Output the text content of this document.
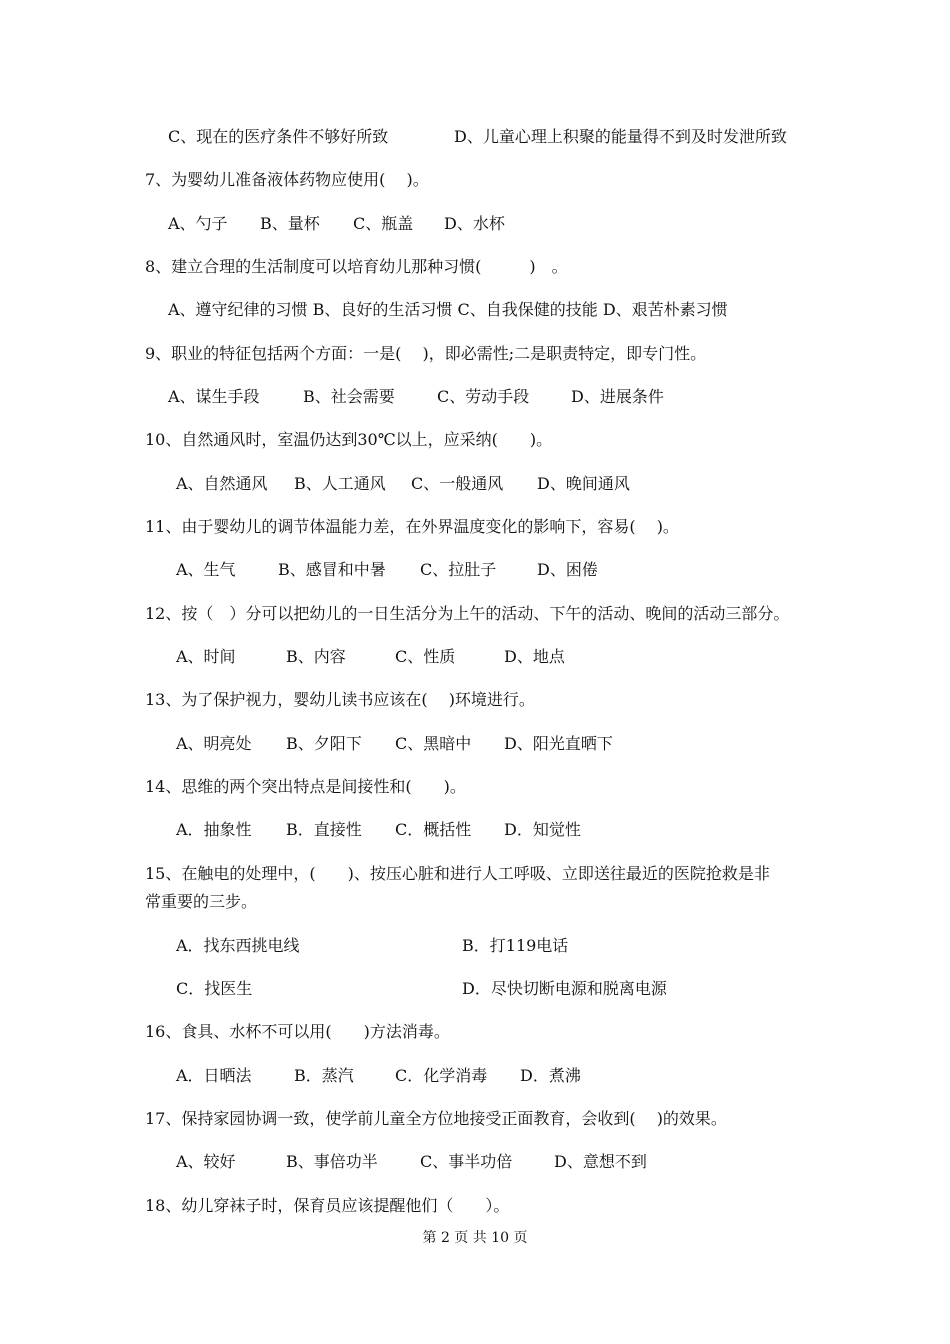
C、现在的医疗条件不够好所致	D、儿童心理上积聚的能量得不到及时发泄所致
7、为婴幼儿准备液体药物应使用(　 )。
A、勺子 B、量杯 C、瓶盖 D、水杯
8、建立合理的生活制度可以培育幼儿那种习惯(　　　)　。
A、遵守纪律的习惯 B、良好的生活习惯 C、自我保健的技能 D、艰苦朴素习惯
9、职业的特征包括两个方面：一是(　 )，即必需性;二是职责特定，即专门性。
A、谋生手段	B、社会需要	C、劳动手段	D、进展条件
10、自然通风时，室温仍达到30℃以上，应采纳(　　)。
A、自然通风 B、人工通风 C、一般通风 D、晚间通风
11、由于婴幼儿的调节体温能力差，在外界温度变化的影响下，容易(　 )。
A、生气	B、感冒和中暑 C、拉肚子	D、困倦
12、按（　）分可以把幼儿的一日生活分为上午的活动、下午的活动、晚间的活动三部分。
A、时间	B、内容	C、性质	D、地点
13、为了保护视力，婴幼儿读书应该在(　 )环境进行。
A、明亮处 B、夕阳下 C、黑暗中 D、阳光直晒下
14、思维的两个突出特点是间接性和(　　)。
A．抽象性 B．直接性 C．概括性 D．知觉性
15、在触电的处理中，(　　)、按压心脏和进行人工呼吸、立即送往最近的医院抢救是非
常重要的三步。
A．找东西挑电线	B．打119电话
C．找医生	D．尽快切断电源和脱离电源
16、食具、水杯不可以用(　　)方法消毒。
A．日晒法	B．蒸汽	C．化学消毒 D．煮沸
17、保持家园协调一致，使学前儿童全方位地接受正面教育，会收到(　 )的效果。
A、较好	B、事倍功半	C、事半功倍	D、意想不到
18、幼儿穿袜子时，保育员应该提醒他们（　　）。
第 2 页 共 10 页
